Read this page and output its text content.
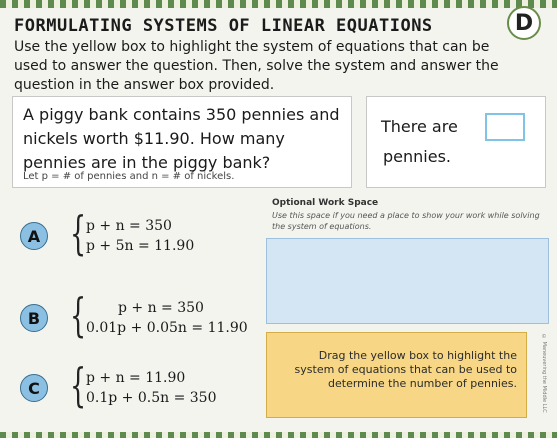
FORMULATING SYSTEMS OF LINEAR EQUATIONS	D
Use the yellow box to highlight the system of equations that can be used to answer the question. Then, solve the system and answer the question in the answer box provided.
A piggy bank contains 350 pennies and nickels worth $11.90. How many pennies are in the piggy bank?
Let p = # of pennies and n = # of nickels.
There are
pennies.
A { p + n = 350
p + 5n = 11.90
B { p + n = 350
0.01p + 0.05n = 11.90
C { p + n = 11.90
0.1p + 0.5n = 350
Optional Work Space
Use this space if you need a place to show your work while solving the system of equations.
Drag the yellow box to highlight the system of equations that can be used to determine the number of pennies.	© Maneuvering the Middle LLC
